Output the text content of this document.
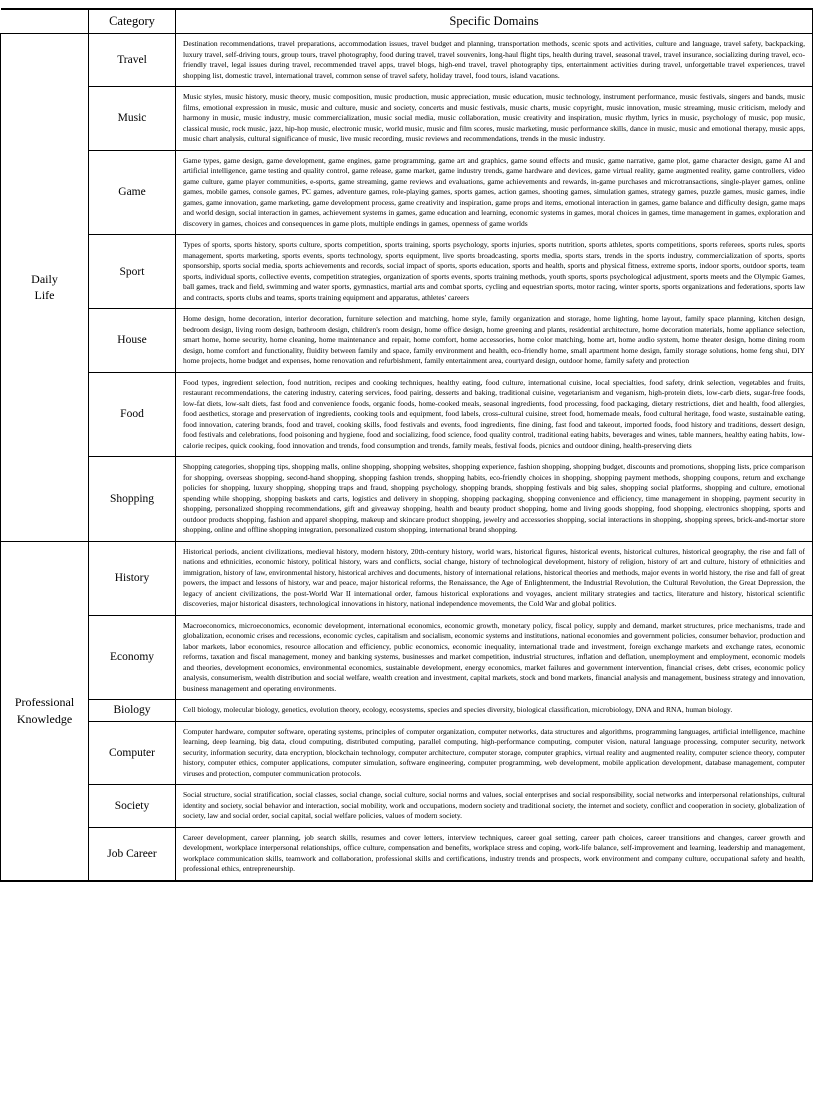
	Category	Specific Domains

Daily
Life	Travel	Destination recommendations, travel preparations, accommodation issues, travel budget and planning, transportation methods, scenic spots and activities, culture and language, travel safety, backpacking, luxury travel, self-driving tours, group tours, travel photography, food during travel, travel souvenirs, long-haul flight tips, health during travel, seasonal travel, travel insurance, socializing during travel, eco-friendly travel, legal issues during travel, recommended travel apps, travel blogs, high-end travel, travel photography tips, entertainment activities during travel, unforgettable travel experiences, travel shopping list, domestic travel, international travel, common sense of travel safety, holiday travel, food tours, island vacations.
	Music	Music styles, music history, music theory, music composition, music production, music appreciation, music education, music technology, instrument performance, music festivals, singers and bands, music films, emotional expression in music, music and culture, music and society, concerts and music festivals, music charts, music copyright, music innovation, music streaming, music criticism, melody and harmony in music, music industry, music commercialization, music social media, music collaboration, music creativity and inspiration, music rhythm, lyrics in music, psychology of music, pop music, classical music, rock music, jazz, hip-hop music, electronic music, world music, music and film scores, music marketing, music performance skills, dance in music, music and emotional therapy, music apps, music chart analysis, cultural significance of music, live music recording, music reviews and recommendations, trends in the music industry.
	Game	Game types, game design, game development, game engines, game programming, game art and graphics, game sound effects and music, game narrative, game plot, game character design, game AI and artificial intelligence, game testing and quality control, game release, game market, game industry trends, game hardware and devices, game virtual reality, game augmented reality, game controllers, video game culture, game player communities, e-sports, game streaming, game reviews and evaluations, game achievements and rewards, in-game purchases and microtransactions, single-player games, online games, mobile games, console games, PC games, adventure games, role-playing games, sports games, action games, shooting games, simulation games, strategy games, puzzle games, music games, indie games, game innovation, game marketing, game development process, game creativity and inspiration, game props and items, emotional interaction in games, game balance and difficulty design, game maps and world design, social interaction in games, achievement systems in games, game education and learning, economic systems in games, moral choices in games, time management in games, exploration and discovery in games, choices and consequences in game plots, multiple endings in games, openness of game worlds
	Sport	Types of sports, sports history, sports culture, sports competition, sports training, sports psychology, sports injuries, sports nutrition, sports athletes, sports competitions, sports referees, sports rules, sports management, sports marketing, sports events, sports technology, sports equipment, live sports broadcasting, sports media, sports stars, trends in the sports industry, commercialization of sports, sports sponsorship, sports social media, sports achievements and records, social impact of sports, sports education, sports and health, sports and physical fitness, extreme sports, indoor sports, outdoor sports, team sports, individual sports, collective events, competition strategies, organization of sports events, sports training methods, youth sports, sports psychological adjustment, sports meets and the Olympic Games, ball games, track and field, swimming and water sports, gymnastics, martial arts and combat sports, cycling and equestrian sports, motor racing, winter sports, sports organizations and federations, sports law and contracts, sports clubs and teams, sports training equipment and apparatus, athletes' careers
	House	Home design, home decoration, interior decoration, furniture selection and matching, home style, family organization and storage, home lighting, home layout, family space planning, kitchen design, bedroom design, living room design, bathroom design, children's room design, home office design, home greening and plants, residential architecture, home decoration materials, home appliance selection, smart home, home security, home cleaning, home maintenance and repair, home comfort, home accessories, home color matching, home art, home audio system, home theater design, home dining room design, home comfort and functionality, fluidity between family and space, family environment and health, eco-friendly home, small apartment home design, family storage solutions, home feng shui, DIY home projects, home budget and expenses, home renovation and refurbishment, family entertainment area, courtyard design, outdoor home, family safety and protection
	Food	Food types, ingredient selection, food nutrition, recipes and cooking techniques, healthy eating, food culture, international cuisine, local specialties, food safety, drink selection, vegetables and fruits, restaurant recommendations, the catering industry, catering services, food pairing, desserts and baking, traditional cuisine, vegetarianism and veganism, high-protein diets, low-carb diets, sugar-free foods, low-fat diets, low-salt diets, fast food and convenience foods, organic foods, home-cooked meals, seasonal ingredients, food processing, food packaging, dietary restrictions, diet and health, food allergies, food aesthetics, storage and preservation of ingredients, cooking tools and equipment, food labels, cross-cultural cuisine, street food, homemade meals, food cultural heritage, food waste, sustainable eating, food innovation, catering brands, food and travel, cooking skills, food festivals and events, food ingredients, fine dining, fast food and takeout, imported foods, food history and traditions, dessert design, food festivals and celebrations, food poisoning and hygiene, food and socializing, food science, food quality control, traditional eating habits, beverages and wines, table manners, healthy eating habits, low-calorie recipes, quick cooking, food innovation and trends, food consumption and trends, family meals, festival foods, picnics and outdoor dining, health-preserving diets
	Shopping	Shopping categories, shopping tips, shopping malls, online shopping, shopping websites, shopping experience, fashion shopping, shopping budget, discounts and promotions, shopping lists, price comparison for shopping, overseas shopping, second-hand shopping, shopping fashion trends, shopping habits, eco-friendly choices in shopping, shopping payment methods, shopping coupons, return and exchange policies for shopping, luxury shopping, shopping traps and fraud, shopping psychology, shopping brands, shopping festivals and big sales, shopping social platforms, shopping and culture, emotional spending while shopping, shopping baskets and carts, logistics and delivery in shopping, shopping packaging, shopping convenience and efficiency, time management in shopping, payment security in shopping, personalized shopping recommendations, gift and giveaway shopping, health and beauty product shopping, home and living goods shopping, food shopping, electronics shopping, sports and outdoor products shopping, fashion and apparel shopping, makeup and skincare product shopping, jewelry and accessories shopping, social interactions in shopping, shopping sprees, brick-and-mortar store shopping, online and offline shopping integration, personalized custom shopping, international brand shopping.

Professional
Knowledge	History	Historical periods, ancient civilizations, medieval history, modern history, 20th-century history, world wars, historical figures, historical events, historical cultures, historical geography, the rise and fall of nations and ethnicities, economic history, political history, wars and conflicts, social change, history of technological development, history of religion, history of art and culture, history of ethnicities and immigration, history of law, environmental history, historical archives and documents, history of international relations, historical theories and methods, major events in world history, the rise and fall of great powers, the impact and lessons of history, war and peace, major historical reforms, the Renaissance, the Age of Enlightenment, the Industrial Revolution, the Cultural Revolution, the Great Depression, the legacy of ancient civilizations, the post-World War II international order, famous historical explorations and voyages, ancient military strategies and tactics, literature and history, historical scientific discoveries, major historical disasters, technological innovations in history, national independence movements, the Cold War and global politics.
	Economy	Macroeconomics, microeconomics, economic development, international economics, economic growth, monetary policy, fiscal policy, supply and demand, market structures, price mechanisms, trade and globalization, economic crises and recessions, economic cycles, capitalism and socialism, economic systems and institutions, national economies and government policies, consumer behavior, production and labor markets, labor economics, resource allocation and efficiency, public economics, economic inequality, international trade and investment, foreign exchange markets and exchange rates, economic reforms, taxation and fiscal management, money and banking systems, businesses and market competition, industrial structures, inflation and deflation, unemployment and employment, economic models and theories, development economics, environmental economics, sustainable development, energy economics, market failures and government intervention, financial crises, debt crises, economic policy analysis, consumerism, wealth distribution and social welfare, wealth creation and investment, capital markets, stock and bond markets, financial analysis and management, business strategy and innovation, business management and operating environments.
	Biology	Cell biology, molecular biology, genetics, evolution theory, ecology, ecosystems, species and species diversity, biological classification, microbiology, DNA and RNA, human biology.
	Computer	Computer hardware, computer software, operating systems, principles of computer organization, computer networks, data structures and algorithms, programming languages, artificial intelligence, machine learning, deep learning, big data, cloud computing, distributed computing, parallel computing, high-performance computing, computer vision, natural language processing, computer security, network security, information security, data encryption, blockchain technology, computer architecture, computer storage, computer graphics, virtual reality and augmented reality, computer science theory, computer history, computer ethics, computer applications, computer simulation, software engineering, computer programming, web development, mobile application development, database management, computer viruses and protection, computer communication protocols.
	Society	Social structure, social stratification, social classes, social change, social culture, social norms and values, social enterprises and social responsibility, social networks and interpersonal relationships, cultural identity and society, social behavior and interaction, social mobility, work and occupations, modern society and traditional society, the internet and society, conflict and cooperation in society, globalization of society, law and social order, social capital, social welfare policies, values of modern society.
	Job Career	Career development, career planning, job search skills, resumes and cover letters, interview techniques, career goal setting, career path choices, career transitions and changes, career growth and development, workplace interpersonal relationships, office culture, compensation and benefits, workplace stress and coping, work-life balance, self-improvement and learning, leadership and management, workplace communication skills, teamwork and collaboration, professional skills and certifications, industry trends and prospects, work environment and company culture, occupational safety and health, professional ethics, entrepreneurship.
